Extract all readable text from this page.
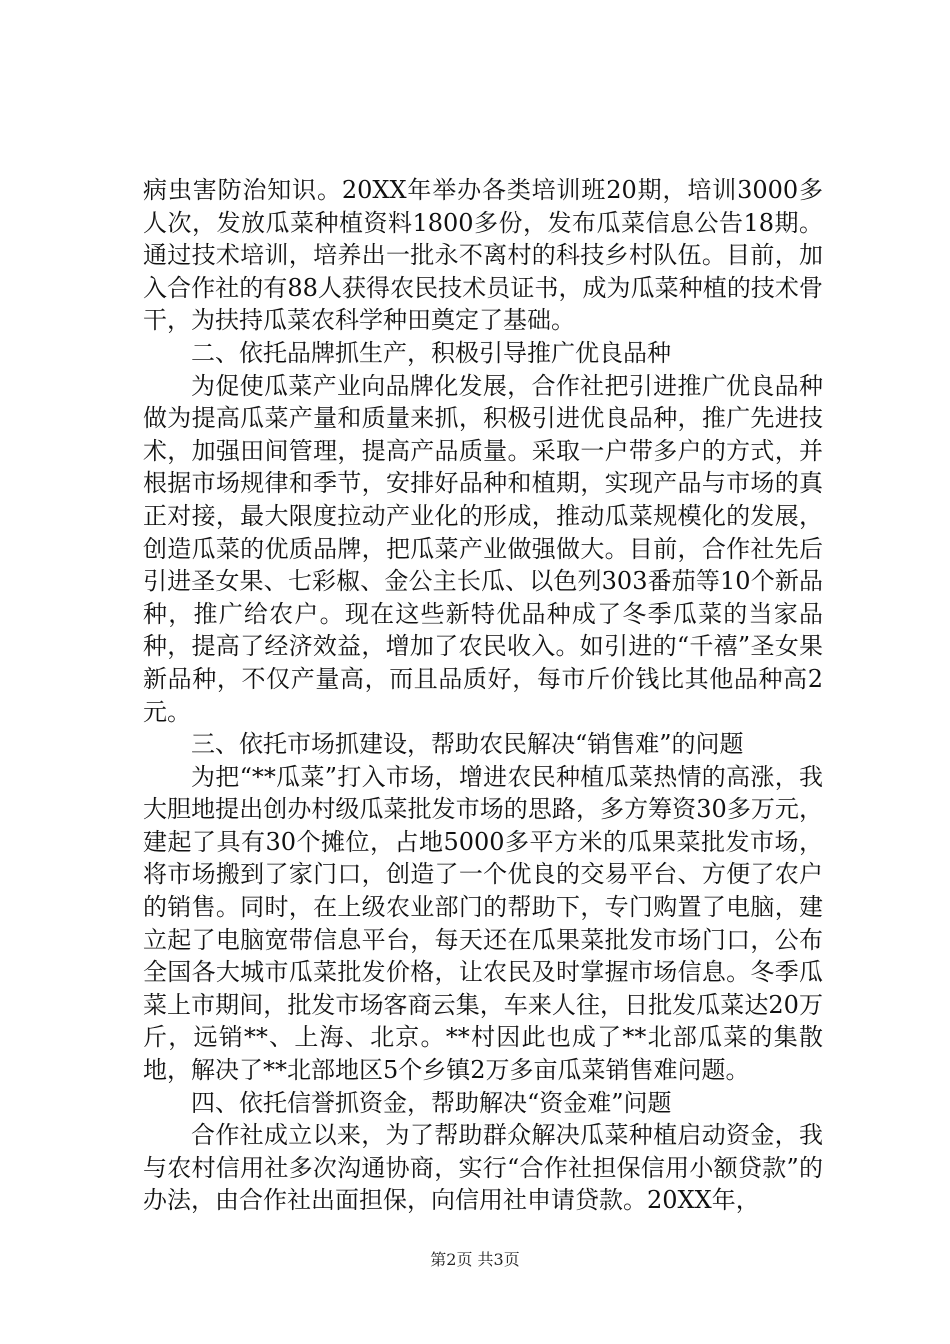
病虫害防治知识。20XX年举办各类培训班20期，培训3000多人次，发放瓜菜种植资料1800多份，发布瓜菜信息公告18期。通过技术培训，培养出一批永不离村的科技乡村队伍。目前，加入合作社的有88人获得农民技术员证书，成为瓜菜种植的技术骨干，为扶持瓜菜农科学种田奠定了基础。

二、依托品牌抓生产，积极引导推广优良品种

为促使瓜菜产业向品牌化发展，合作社把引进推广优良品种做为提高瓜菜产量和质量来抓，积极引进优良品种，推广先进技术，加强田间管理，提高产品质量。采取一户带多户的方式，并根据市场规律和季节，安排好品种和植期，实现产品与市场的真正对接，最大限度拉动产业化的形成，推动瓜菜规模化的发展，创造瓜菜的优质品牌，把瓜菜产业做强做大。目前，合作社先后引进圣女果、七彩椒、金公主长瓜、以色列303番茄等10个新品种，推广给农户。现在这些新特优品种成了冬季瓜菜的当家品种，提高了经济效益，增加了农民收入。如引进的“千禧”圣女果新品种，不仅产量高，而且品质好，每市斤价钱比其他品种高2元。

三、依托市场抓建设，帮助农民解决“销售难”的问题

为把“**瓜菜”打入市场，增进农民种植瓜菜热情的高涨，我大胆地提出创办村级瓜菜批发市场的思路，多方筹资30多万元，建起了具有30个摊位，占地5000多平方米的瓜果菜批发市场，将市场搬到了家门口，创造了一个优良的交易平台、方便了农户的销售。同时，在上级农业部门的帮助下，专门购置了电脑，建立起了电脑宽带信息平台，每天还在瓜果菜批发市场门口，公布全国各大城市瓜菜批发价格，让农民及时掌握市场信息。冬季瓜菜上市期间，批发市场客商云集，车来人往，日批发瓜菜达20万斤，远销**、上海、北京。**村因此也成了**北部瓜菜的集散地，解决了**北部地区5个乡镇2万多亩瓜菜销售难问题。

四、依托信誉抓资金，帮助解决“资金难”问题

合作社成立以来，为了帮助群众解决瓜菜种植启动资金，我与农村信用社多次沟通协商，实行“合作社担保信用小额贷款”的办法，由合作社出面担保，向信用社申请贷款。20XX年，

第2页 共3页
